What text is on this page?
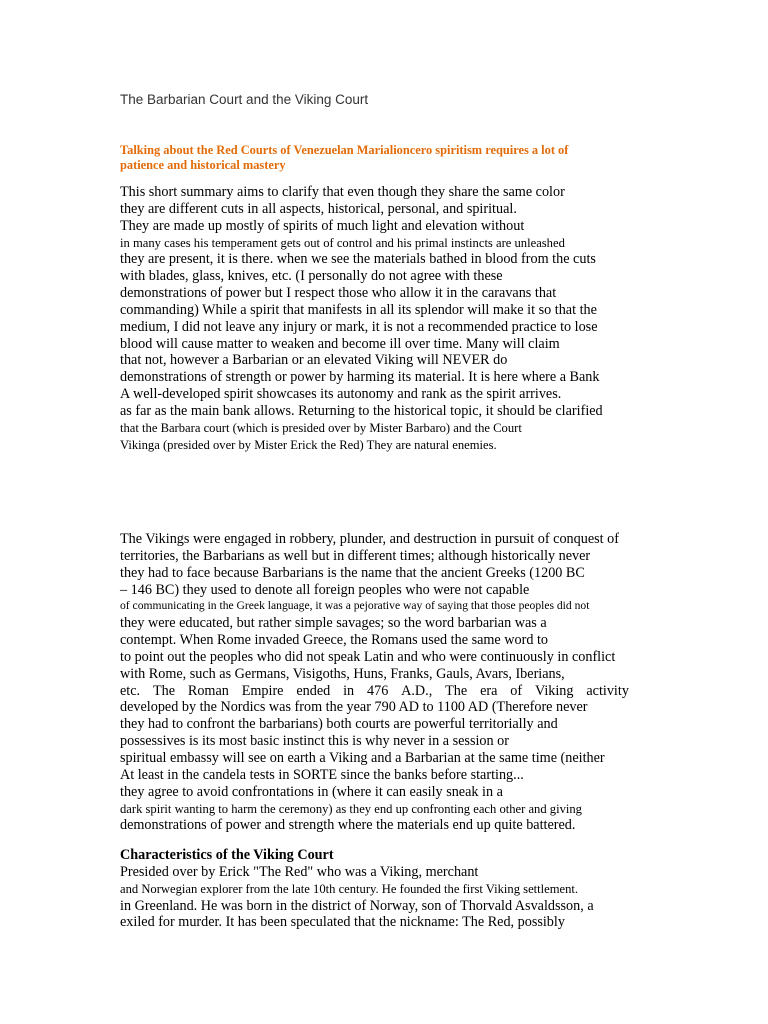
The Barbarian Court and the Viking Court
Talking about the Red Courts of Venezuelan Marialioncero spiritism requires a lot of
patience and historical mastery
This short summary aims to clarify that even though they share the same color
they are different cuts in all aspects, historical, personal, and spiritual.
They are made up mostly of spirits of much light and elevation without
in many cases his temperament gets out of control and his primal instincts are unleashed
they are present, it is there. when we see the materials bathed in blood from the cuts
with blades, glass, knives, etc. (I personally do not agree with these
demonstrations of power but I respect those who allow it in the caravans that
commanding) While a spirit that manifests in all its splendor will make it so that the
medium, I did not leave any injury or mark, it is not a recommended practice to lose
blood will cause matter to weaken and become ill over time. Many will claim
that not, however a Barbarian or an elevated Viking will NEVER do
demonstrations of strength or power by harming its material. It is here where a Bank
A well-developed spirit showcases its autonomy and rank as the spirit arrives.
as far as the main bank allows. Returning to the historical topic, it should be clarified
that the Barbara court (which is presided over by Mister Barbaro) and the Court
Vikinga (presided over by Mister Erick the Red) They are natural enemies.
The Vikings were engaged in robbery, plunder, and destruction in pursuit of conquest of
territories, the Barbarians as well but in different times; although historically never
they had to face because Barbarians is the name that the ancient Greeks (1200 BC
– 146 BC) they used to denote all foreign peoples who were not capable
of communicating in the Greek language, it was a pejorative way of saying that those peoples did not
they were educated, but rather simple savages; so the word barbarian was a
contempt. When Rome invaded Greece, the Romans used the same word to
to point out the peoples who did not speak Latin and who were continuously in conflict
with Rome, such as Germans, Visigoths, Huns, Franks, Gauls, Avars, Iberians,
etc. The Roman Empire ended in 476 A.D., The era of Viking activity
developed by the Nordics was from the year 790 AD to 1100 AD (Therefore never
they had to confront the barbarians) both courts are powerful territorially and
possessives is its most basic instinct this is why never in a session or
spiritual embassy will see on earth a Viking and a Barbarian at the same time (neither
At least in the candela tests in SORTE since the banks before starting...
they agree to avoid confrontations in (where it can easily sneak in a
dark spirit wanting to harm the ceremony) as they end up confronting each other and giving
demonstrations of power and strength where the materials end up quite battered.
Characteristics of the Viking Court
Presided over by Erick "The Red" who was a Viking, merchant
and Norwegian explorer from the late 10th century. He founded the first Viking settlement.
in Greenland. He was born in the district of Norway, son of Thorvald Asvaldsson, a
exiled for murder. It has been speculated that the nickname: The Red, possibly
